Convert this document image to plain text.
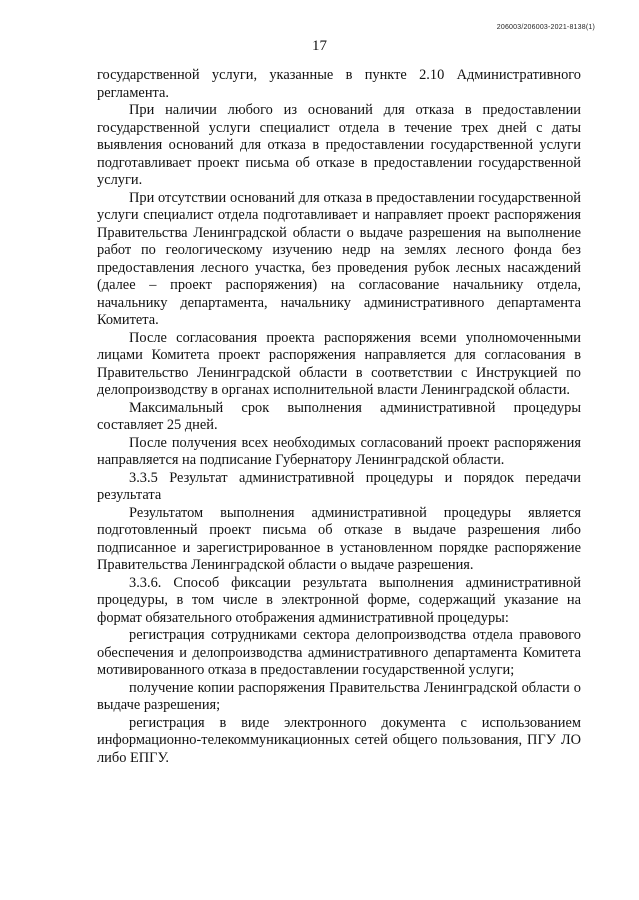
206003/206003-2021-8138(1)
17

государственной услуги, указанные в пункте 2.10 Административного регламента.

При наличии любого из оснований для отказа в предоставлении государственной услуги специалист отдела в течение трех дней с даты выявления оснований для отказа в предоставлении государственной услуги подготавливает проект письма об отказе в предоставлении государственной услуги.

При отсутствии оснований для отказа в предоставлении государственной услуги специалист отдела подготавливает и направляет проект распоряжения Правительства Ленинградской области о выдаче разрешения на выполнение работ по геологическому изучению недр на землях лесного фонда без предоставления лесного участка, без проведения рубок лесных насаждений (далее – проект распоряжения) на согласование начальнику отдела, начальнику департамента, начальнику административного департамента Комитета.

После согласования проекта распоряжения всеми уполномоченными лицами Комитета проект распоряжения направляется для согласования в Правительство Ленинградской области в соответствии с Инструкцией по делопроизводству в органах исполнительной власти Ленинградской области.

Максимальный срок выполнения административной процедуры составляет 25 дней.

После получения всех необходимых согласований проект распоряжения направляется на подписание Губернатору Ленинградской области.

3.3.5 Результат административной процедуры и порядок передачи результата

Результатом выполнения административной процедуры является подготовленный проект письма об отказе в выдаче разрешения либо подписанное и зарегистрированное в установленном порядке распоряжение Правительства Ленинградской области о выдаче разрешения.

3.3.6. Способ фиксации результата выполнения административной процедуры, в том числе в электронной форме, содержащий указание на формат обязательного отображения административной процедуры:

регистрация сотрудниками сектора делопроизводства отдела правового обеспечения и делопроизводства административного департамента Комитета мотивированного отказа в предоставлении государственной услуги;

получение копии распоряжения Правительства Ленинградской области о выдаче разрешения;

регистрация в виде электронного документа с использованием информационно-телекоммуникационных сетей общего пользования, ПГУ ЛО либо ЕПГУ.
